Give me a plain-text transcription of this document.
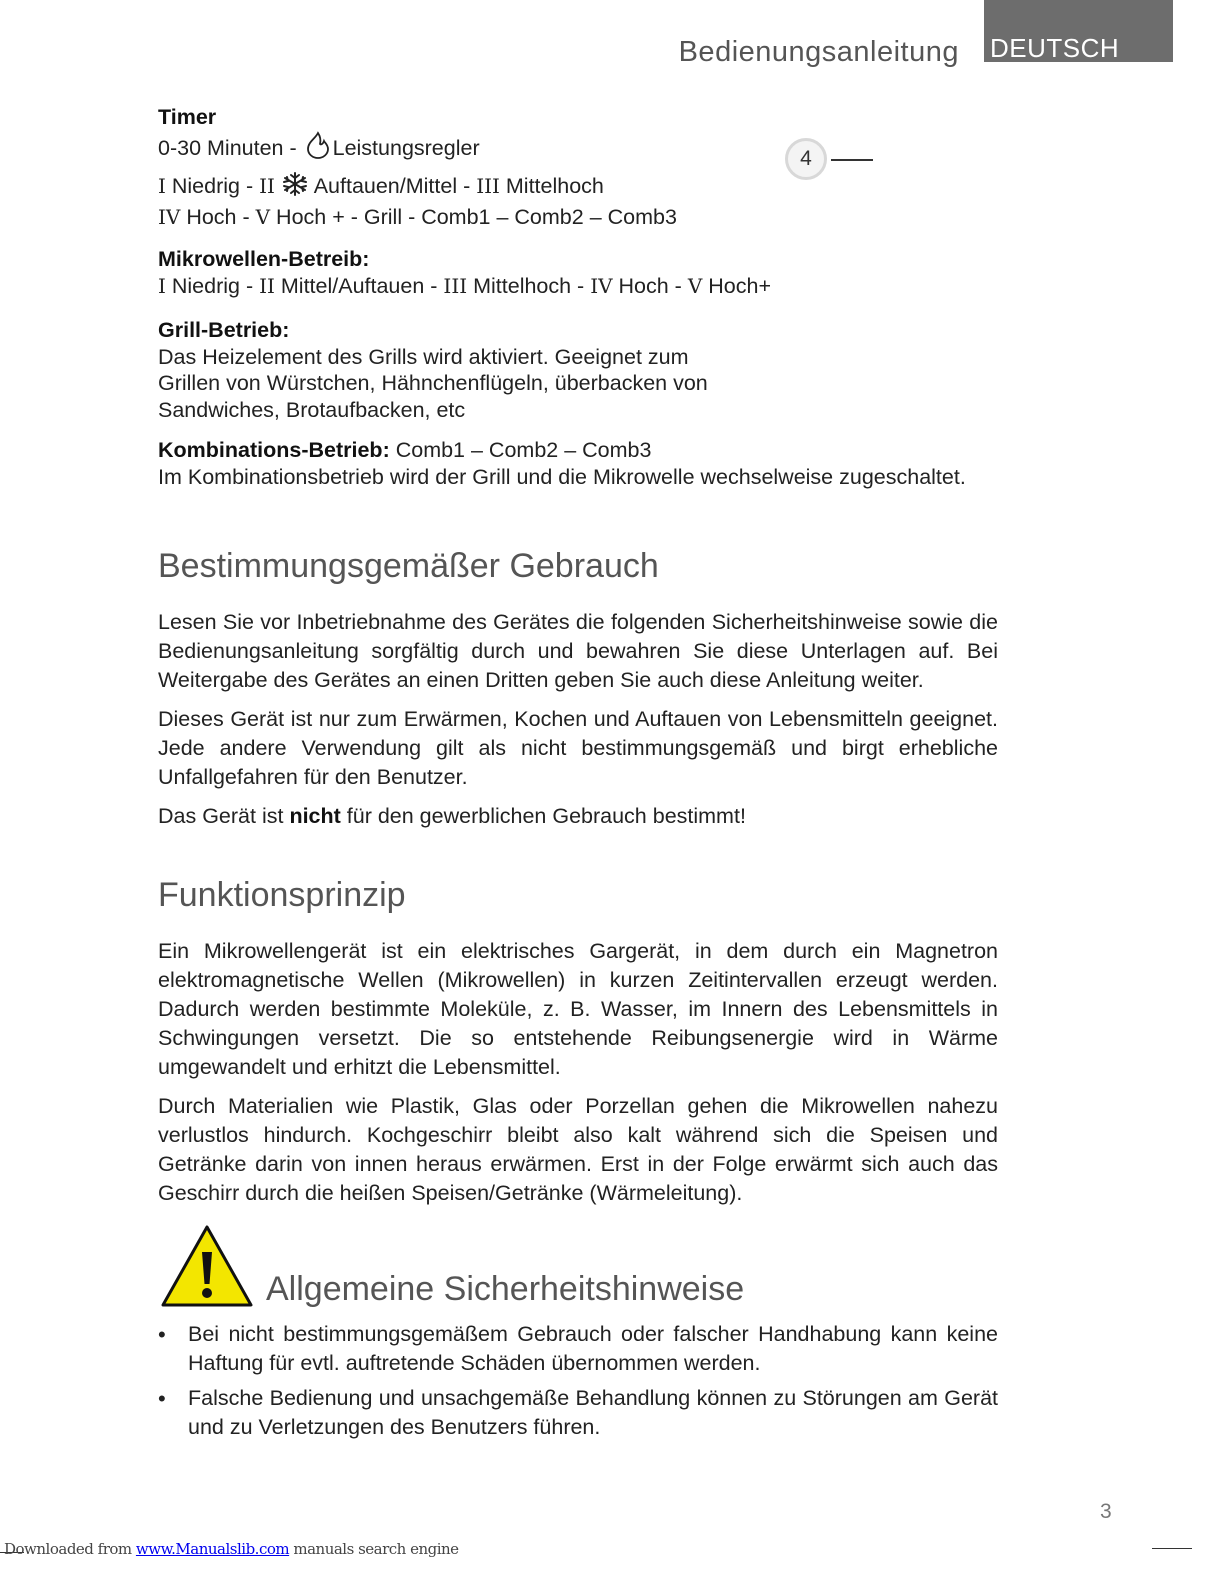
Bedienungsanleitung DEUTSCH
4
Timer
0-30 Minuten - Leistungsregler
I Niedrig - II  Auftauen/Mittel - III Mittelhoch
IV Hoch - V Hoch + - Grill - Comb1 – Comb2 – Comb3
Mikrowellen-Betreib:
I Niedrig - II Mittel/Auftauen - III Mittelhoch - IV Hoch - V Hoch+
Grill-Betrieb:
Das Heizelement des Grills wird aktiviert. Geeignet zum
Grillen von Würstchen, Hähnchenflügeln, überbacken von
Sandwiches, Brotaufbacken, etc
Kombinations-Betrieb: Comb1 – Comb2 – Comb3
Im Kombinationsbetrieb wird der Grill und die Mikrowelle wechselweise zugeschaltet.
Bestimmungsgemäßer Gebrauch

Lesen Sie vor Inbetriebnahme des Gerätes die folgenden Sicherheitshinweise sowie die Bedienungsanleitung sorgfältig durch und bewahren Sie diese Unterlagen auf. Bei Weitergabe des Gerätes an einen Dritten geben Sie auch diese Anleitung weiter.

Dieses Gerät ist nur zum Erwärmen, Kochen und Auftauen von Lebensmitteln geeignet. Jede andere Verwendung gilt als nicht bestimmungsgemäß und birgt erhebliche Unfallgefahren für den Benutzer.

Das Gerät ist nicht für den gewerblichen Gebrauch bestimmt!

Funktionsprinzip

Ein Mikrowellengerät ist ein elektrisches Gargerät, in dem durch ein Magnetron elektromagnetische Wellen (Mikrowellen) in kurzen Zeitintervallen erzeugt werden. Dadurch werden bestimmte Moleküle, z. B. Wasser, im Innern des Lebensmittels in Schwingungen versetzt. Die so entstehende Reibungsenergie wird in Wärme umgewandelt und erhitzt die Lebensmittel.

Durch Materialien wie Plastik, Glas oder Porzellan gehen die Mikrowellen nahezu verlustlos hindurch. Kochgeschirr bleibt also kalt während sich die Speisen und Getränke darin von innen heraus erwärmen. Erst in der Folge erwärmt sich auch das Geschirr durch die heißen Speisen/Getränke (Wärmeleitung).

Allgemeine Sicherheitshinweise
• Bei nicht bestimmungsgemäßem Gebrauch oder falscher Handhabung kann keine Haftung für evtl. auftretende Schäden übernommen werden.
• Falsche Bedienung und unsachgemäße Behandlung können zu Störungen am Gerät und zu Verletzungen des Benutzers führen.
3
Downloaded from www.Manualslib.com manuals search engine
